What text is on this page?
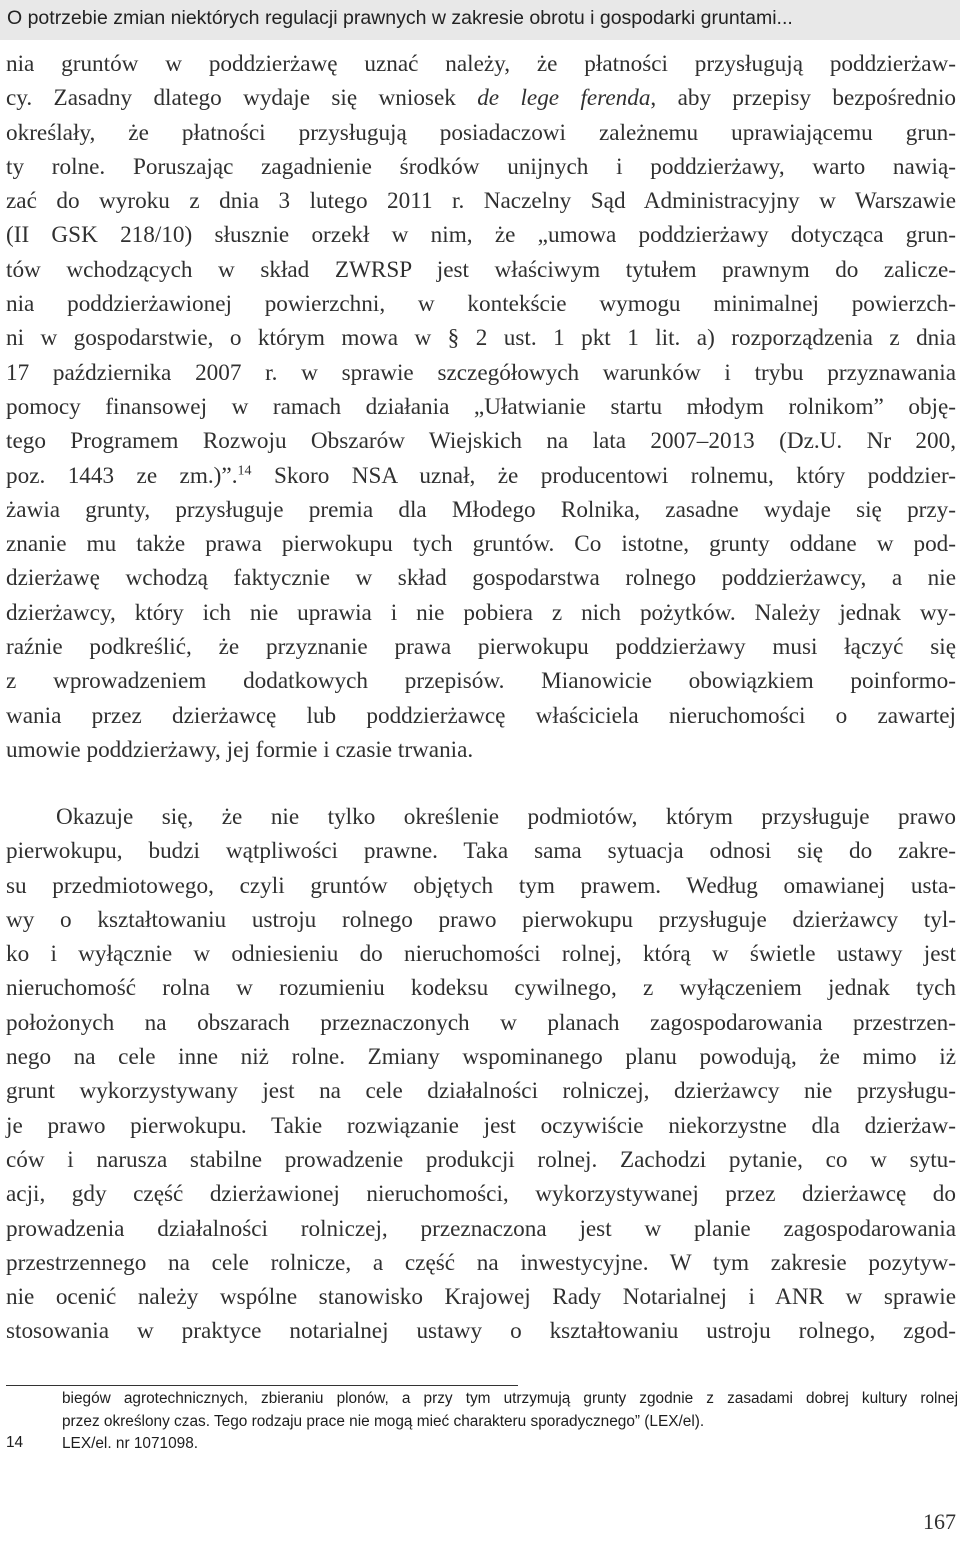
O potrzebie zmian niektórych regulacji prawnych w zakresie obrotu i gospodarki gruntami...
nia gruntów w poddzierżawę uznać należy, że płatności przysługują poddzierżaw-
cy. Zasadny dlatego wydaje się wniosek de lege ferenda, aby przepisy bezpośrednio
określały, że płatności przysługują posiadaczowi zależnemu uprawiającemu grun-
ty rolne. Poruszając zagadnienie środków unijnych i poddzierżawy, warto nawią-
zać do wyroku z dnia 3 lutego 2011 r. Naczelny Sąd Administracyjny w Warszawie
(II GSK 218/10) słusznie orzekł w nim, że „umowa poddzierżawy dotycząca grun-
tów wchodzących w skład ZWRSP jest właściwym tytułem prawnym do zalicze-
nia poddzierżawionej powierzchni, w kontekście wymogu minimalnej powierzch-
ni w gospodarstwie, o którym mowa w § 2 ust. 1 pkt 1 lit. a) rozporządzenia z dnia
17 października 2007 r. w sprawie szczegółowych warunków i trybu przyznawania
pomocy finansowej w ramach działania „Ułatwianie startu młodym rolnikom” obję-
tego Programem Rozwoju Obszarów Wiejskich na lata 2007–2013 (Dz.U. Nr 200,
poz. 1443 ze zm.)”.$^{14}$ Skoro NSA uznał, że producentowi rolnemu, który poddzier-
żawia grunty, przysługuje premia dla Młodego Rolnika, zasadne wydaje się przy-
znanie mu także prawa pierwokupu tych gruntów. Co istotne, grunty oddane w pod-
dzierżawę wchodzą faktycznie w skład gospodarstwa rolnego poddzierżawcy, a nie
dzierżawcy, który ich nie uprawia i nie pobiera z nich pożytków. Należy jednak wy-
raźnie podkreślić, że przyznanie prawa pierwokupu poddzierżawy musi łączyć się
z wprowadzeniem dodatkowych przepisów. Mianowicie obowiązkiem poinformo-
wania przez dzierżawcę lub poddzierżawcę właściciela nieruchomości o zawartej
umowie poddzierżawy, jej formie i czasie trwania.
Okazuje się, że nie tylko określenie podmiotów, którym przysługuje prawo
pierwokupu, budzi wątpliwości prawne. Taka sama sytuacja odnosi się do zakre-
su przedmiotowego, czyli gruntów objętych tym prawem. Według omawianej usta-
wy o kształtowaniu ustroju rolnego prawo pierwokupu przysługuje dzierżawcy tyl-
ko i wyłącznie w odniesieniu do nieruchomości rolnej, którą w świetle ustawy jest
nieruchomość rolna w rozumieniu kodeksu cywilnego, z wyłączeniem jednak tych
położonych na obszarach przeznaczonych w planach zagospodarowania przestrzen-
nego na cele inne niż rolne. Zmiany wspominanego planu powodują, że mimo iż
grunt wykorzystywany jest na cele działalności rolniczej, dzierżawcy nie przysługu-
je prawo pierwokupu. Takie rozwiązanie jest oczywiście niekorzystne dla dzierżaw-
ców i narusza stabilne prowadzenie produkcji rolnej. Zachodzi pytanie, co w sytu-
acji, gdy część dzierżawionej nieruchomości, wykorzystywanej przez dzierżawcę do
prowadzenia działalności rolniczej, przeznaczona jest w planie zagospodarowania
przestrzennego na cele rolnicze, a część na inwestycyjne. W tym zakresie pozytyw-
nie ocenić należy wspólne stanowisko Krajowej Rady Notarialnej i ANR w sprawie
stosowania w praktyce notarialnej ustawy o kształtowaniu ustroju rolnego, zgod-
biegów agrotechnicznych, zbieraniu plonów, a przy tym utrzymują grunty zgodnie z zasadami dobrej kultury rolnej
przez określony czas. Tego rodzaju prace nie mogą mieć charakteru sporadycznego” (LEX/el).
LEX/el. nr 1071098.
14
167
